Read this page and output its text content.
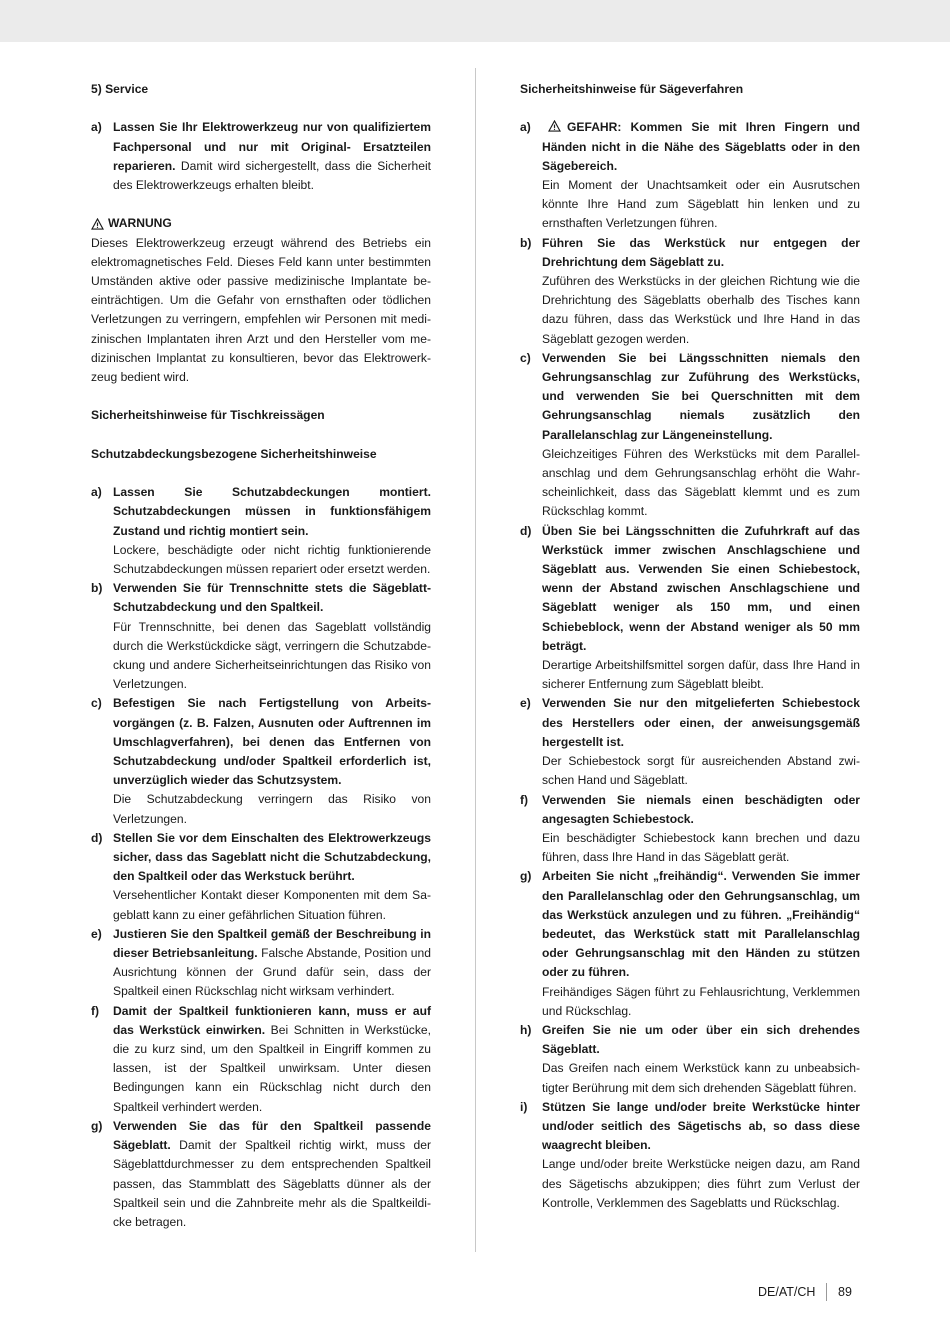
5) Service
a) Lassen Sie Ihr Elektrowerkzeug nur von qualifiziertem Fachpersonal und nur mit Original- Ersatzteilen reparieren. Damit wird sichergestellt, dass die Sicherheit des Elektrowerkzeugs erhalten bleibt.
WARNUNG

Dieses Elektrowerkzeug erzeugt während des Betriebs ein elektromagnetisches Feld. Dieses Feld kann unter bestimmten Umständen aktive oder passive medizinische Implantate beeinträchtigen. Um die Gefahr von ernsthaften oder tödlichen Verletzungen zu verringern, empfehlen wir Personen mit medizinischen Implantaten ihren Arzt und den Hersteller vom medizinischen Implantat zu konsultieren, bevor das Elektrowerkzeug bedient wird.

Sicherheitshinweise für Tischkreissägen
Schutzabdeckungsbezogene Sicherheitshinweise
a) Lassen Sie Schutzabdeckungen montiert. Schutzabdeckungen müssen in funktionsfähigem Zustand und richtig montiert sein.

Lockere, beschädigte oder nicht richtig funktionierende Schutzabdeckungen müssen repariert oder ersetzt werden.

b) Verwenden Sie für Trennschnitte stets die Sägeblatt-Schutzabdeckung und den Spaltkeil.

Für Trennschnitte, bei denen das Sageblatt vollständig durch die Werkstückdicke sägt, verringern die Schutzabdeckung und andere Sicherheitseinrichtungen das Risiko von Verletzungen.

c) Befestigen Sie nach Fertigstellung von Arbeitsvorgängen (z. B. Falzen, Ausnuten oder Auftrennen im Umschlagverfahren), bei denen das Entfernen von Schutzabdeckung und/oder Spaltkeil erforderlich ist, unverzüglich wieder das Schutzsystem.

Die Schutzabdeckung verringern das Risiko von Verletzungen.

d) Stellen Sie vor dem Einschalten des Elektrowerkzeugs sicher, dass das Sageblatt nicht die Schutzabdeckung, den Spaltkeil oder das Werkstuck berührt.

Versehentlicher Kontakt dieser Komponenten mit dem Sageblatt kann zu einer gefährlichen Situation führen.

e) Justieren Sie den Spaltkeil gemäß der Beschreibung in dieser Betriebsanleitung. Falsche Abstande, Position und Ausrichtung können der Grund dafür sein, dass der Spaltkeil einen Rückschlag nicht wirksam verhindert.
f)	Damit der Spaltkeil funktionieren kann, muss er auf das Werkstück einwirken. Bei Schnitten in Werkstücke, die zu kurz sind, um den Spaltkeil in Eingriff kommen zu lassen, ist der Spaltkeil unwirksam. Unter diesen Bedingungen kann ein Rückschlag nicht durch den Spaltkeil verhindert werden.
g) Verwenden Sie das für den Spaltkeil passende Sägeblatt. Damit der Spaltkeil richtig wirkt, muss der Sägeblattdurchmesser zu dem entsprechenden Spaltkeil passen, das Stammblatt des Sägeblatts dünner als der Spaltkeil sein und die Zahnbreite mehr als die Spaltkeildicke betragen.
Sicherheitshinweise für Sägeverfahren
a)	GEFAHR: Kommen Sie mit Ihren Fingern und Händen nicht in die Nähe des Sägeblatts oder in den Sägebereich.

Ein Moment der Unachtsamkeit oder ein Ausrutschen könnte Ihre Hand zum Sägeblatt hin lenken und zu ernsthaften Verletzungen führen.

b) Führen Sie das Werkstück nur entgegen der Drehrichtung dem Sägeblatt zu.

Zuführen des Werkstücks in der gleichen Richtung wie die Drehrichtung des Sägeblatts oberhalb des Tisches kann dazu führen, dass das Werkstück und Ihre Hand in das Sägeblatt gezogen werden.

c) Verwenden Sie bei Längsschnitten niemals den Gehrungsanschlag zur Zuführung des Werkstücks, und verwenden Sie bei Querschnitten mit dem Gehrungsanschlag niemals zusätzlich den Parallelanschlag zur Längeneinstellung.

Gleichzeitiges Führen des Werkstücks mit dem Parallelanschlag und dem Gehrungsanschlag erhöht die Wahrscheinlichkeit, dass das Sägeblatt klemmt und es zum Rückschlag kommt.

d) Üben Sie bei Längsschnitten die Zufuhrkraft auf das Werkstück immer zwischen Anschlagschiene und Sägeblatt aus. Verwenden Sie einen Schiebestock, wenn der Abstand zwischen Anschlagschiene und Sägeblatt weniger als 150 mm, und einen Schiebeblock, wenn der Abstand weniger als 50 mm beträgt.

Derartige Arbeitshilfsmittel sorgen dafür, dass Ihre Hand in sicherer Entfernung zum Sägeblatt bleibt.

e) Verwenden Sie nur den mitgelieferten Schiebestock des Herstellers oder einen, der anweisungsgemäß hergestellt ist.

Der Schiebestock sorgt für ausreichenden Abstand zwischen Hand und Sägeblatt.

f)	Verwenden Sie niemals einen beschädigten oder angesagten Schiebestock.

Ein beschädigter Schiebestock kann brechen und dazu führen, dass Ihre Hand in das Sägeblatt gerät.

g) Arbeiten Sie nicht „freihändig“. Verwenden Sie immer den Parallelanschlag oder den Gehrungsanschlag, um das Werkstück anzulegen und zu führen. „Freihändig“ bedeutet, das Werkstück statt mit Parallelanschlag oder Gehrungsanschlag mit den Händen zu stützen oder zu führen.

Freihändiges Sägen führt zu Fehlausrichtung, Verklemmen und Rückschlag.

h) Greifen Sie nie um oder über ein sich drehendes Sägeblatt.

Das Greifen nach einem Werkstück kann zu unbeabsichtigter Berührung mit dem sich drehenden Sägeblatt führen.

i)	Stützen Sie lange und/oder breite Werkstücke hinter und/oder seitlich des Sägetischs ab, so dass diese waagrecht bleiben.

Lange und/oder breite Werkstücke neigen dazu, am Rand des Sägetischs abzukippen; dies führt zum Verlust der Kontrolle, Verklemmen des Sageblatts und Rückschlag.

DE/AT/CH 89
